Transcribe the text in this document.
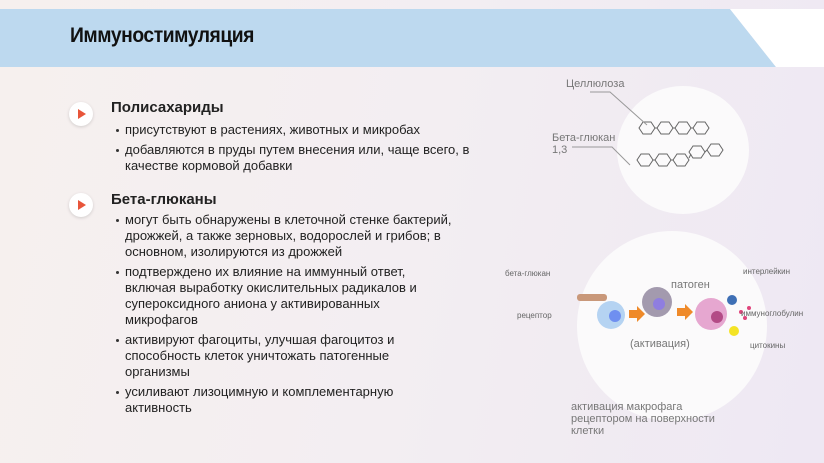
Иммуностимуляция
Полисахариды
присутствуют в растениях, животных и микробах
добавляются в пруды путем внесения или, чаще всего, в качестве кормовой добавки
Бета-глюканы
могут быть обнаружены в клеточной стенке бактерий, дрожжей, а также зерновых, водорослей и грибов; в основном, изолируются из дрожжей
подтверждено их влияние на иммунный ответ, включая выработку окислительных радикалов и супероксидного аниона у активированных микрофагов
активируют фагоциты, улучшая фагоцитоз и способность клеток уничтожать патогенные организмы
усиливают лизоцимную и комплементарную активность
Целлюлоза
Бета-глюкан 1,3
бета-глюкан
рецептор
патоген
(активация)
интерлейкин
иммуноглобулин
цитокины
активация макрофага рецептором на поверхности клетки
